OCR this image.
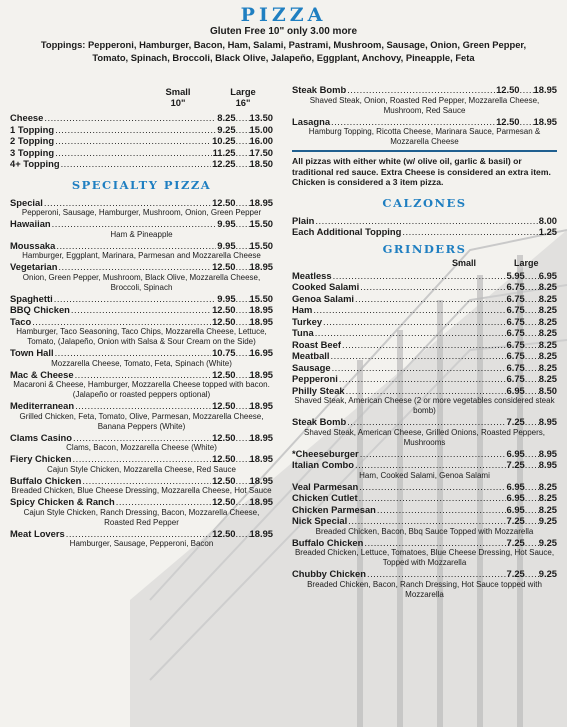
PIZZA
Gluten Free 10" only 3.00 more
Toppings: Pepperoni, Hamburger, Bacon, Ham, Salami, Pastrami, Mushroom, Sausage, Onion, Green Pepper, Tomato, Spinach, Broccoli, Black Olive, Jalapeño, Eggplant, Anchovy, Pineapple, Feta
Small
10"
Large
16"
Cheese .....	8.25 ..... 13.50
1 Topping .....	9.25 ..... 15.00
2 Topping .....	10.25 ..... 16.00
3 Topping .....	11.25 ..... 17.50
4+ Topping .....	12.25 ..... 18.50
SPECIALTY PIZZA
Special .....	12.50 ..... 18.95
Pepperoni, Sausage, Hamburger, Mushroom, Onion, Green Pepper
Hawaiian .....	9.95 ..... 15.50
Ham & Pineapple
Moussaka .....	9.95 ..... 15.50
Hamburger, Eggplant, Marinara, Parmesan and Mozzarella Cheese
Vegetarian .....	12.50 ..... 18.95
Onion, Green Pepper, Mushroom, Black Olive, Mozzarella Cheese, Broccoli, Spinach
Spaghetti .....	9.95 ..... 15.50
BBQ Chicken .....	12.50 ..... 18.95
Taco .....	12.50 ..... 18.95
Hamburger, Taco Seasoning, Taco Chips, Mozzarella Cheese, Lettuce, Tomato, (Jalapeño, Onion with Salsa & Sour Cream on the Side)
Town Hall .....	10.75 ..... 16.95
Mozzarella Cheese, Tomato, Feta, Spinach (White)
Mac & Cheese .....	12.50 ..... 18.95
Macaroni & Cheese, Hamburger, Mozzarella Cheese topped with bacon. (Jalapeño or roasted peppers optional)
Mediterranean .....	12.50 ..... 18.95
Grilled Chicken, Feta, Tomato, Olive, Parmesan, Mozzarella Cheese, Banana Peppers (White)
Clams Casino .....	12.50 ..... 18.95
Clams, Bacon, Mozzarella Cheese (White)
Fiery Chicken .....	12.50 ..... 18.95
Cajun Style Chicken, Mozzarella Cheese, Red Sauce
Buffalo Chicken .....	12.50 ..... 18.95
Breaded Chicken, Blue Cheese Dressing, Mozzarella Cheese, Hot Sauce
Spicy Chicken & Ranch .....	12.50 ..... 18.95
Cajun Style Chicken, Ranch Dressing, Bacon, Mozzarella Cheese, Roasted Red Pepper
Meat Lovers .....	12.50 ..... 18.95
Hamburger, Sausage, Pepperoni, Bacon
Steak Bomb .....	12.50 ..... 18.95
Shaved Steak, Onion, Roasted Red Pepper, Mozzarella Cheese, Mushroom, Red Sauce
Lasagna .....	12.50 ..... 18.95
Hamburg Topping, Ricotta Cheese, Marinara Sauce, Parmesan & Mozzarella Cheese
All pizzas with either white (w/ olive oil, garlic & basil) or traditional red sauce. Extra Cheese is considered an extra item. Chicken is considered a 3 item pizza.
CALZONES
Plain .....	8.00
Each Additional Topping .....	1.25
GRINDERS
Small	Large
Meatless .....	5.95 ..... 6.95
Cooked Salami .....	6.75 ..... 8.25
Genoa Salami .....	6.75 ..... 8.25
Ham .....	6.75 ..... 8.25
Turkey .....	6.75 ..... 8.25
Tuna .....	6.75 ..... 8.25
Roast Beef .....	6.75 ..... 8.25
Meatball .....	6.75 ..... 8.25
Sausage .....	6.75 ..... 8.25
Pepperoni .....	6.75 ..... 8.25
Philly Steak .....	6.95 ..... 8.50
Shaved Steak, American Cheese (2 or more vegetables considered steak bomb)
Steak Bomb .....	7.25 ..... 8.95
Shaved Steak, American Cheese, Grilled Onions, Roasted Peppers, Mushrooms
*Cheeseburger .....	6.95 ..... 8.95
Italian Combo .....	7.25 ..... 8.95
Ham, Cooked Salami, Genoa Salami
Veal Parmesan .....	6.95 ..... 8.25
Chicken Cutlet .....	6.95 ..... 8.25
Chicken Parmesan .....	6.95 ..... 8.25
Nick Special .....	7.25 ..... 9.25
Breaded Chicken, Bacon, Bbq Sauce Topped with Mozzarella
Buffalo Chicken .....	7.25 ..... 9.25
Breaded Chicken, Lettuce, Tomatoes, Blue Cheese Dressing, Hot Sauce, Topped with Mozzarella
Chubby Chicken .....	7.25 ..... 9.25
Breaded Chicken, Bacon, Ranch Dressing, Hot Sauce topped with Mozzarella
